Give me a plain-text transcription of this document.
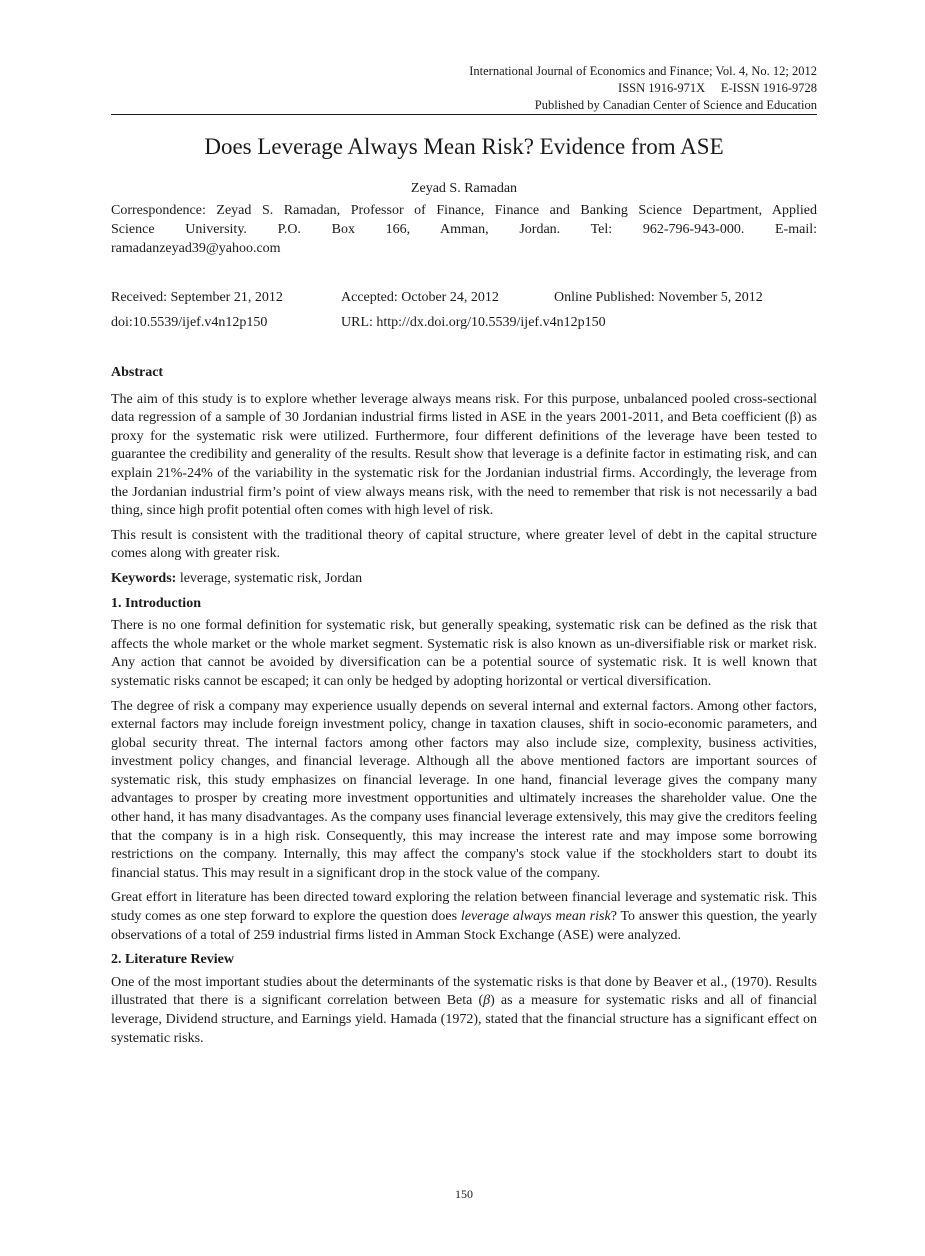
International Journal of Economics and Finance; Vol. 4, No. 12; 2012
ISSN 1916-971X     E-ISSN 1916-9728
Published by Canadian Center of Science and Education
Does Leverage Always Mean Risk? Evidence from ASE
Zeyad S. Ramadan
Correspondence: Zeyad S. Ramadan, Professor of Finance, Finance and Banking Science Department, Applied
Science University. P.O. Box 166, Amman, Jordan. Tel: 962-796-943-000. E-mail:
ramadanzeyad39@yahoo.com
Received: September 21, 2012	Accepted: October 24, 2012	Online Published: November 5, 2012
doi:10.5539/ijef.v4n12p150	URL: http://dx.doi.org/10.5539/ijef.v4n12p150
Abstract

The aim of this study is to explore whether leverage always means risk. For this purpose, unbalanced pooled cross-sectional data regression of a sample of 30 Jordanian industrial firms listed in ASE in the years 2001-2011, and Beta coefficient (β) as proxy for the systematic risk were utilized. Furthermore, four different definitions of the leverage have been tested to guarantee the credibility and generality of the results. Result show that leverage is a definite factor in estimating risk, and can explain 21%-24% of the variability in the systematic risk for the Jordanian industrial firms. Accordingly, the leverage from the Jordanian industrial firm’s point of view always means risk, with the need to remember that risk is not necessarily a bad thing, since high profit potential often comes with high level of risk.

This result is consistent with the traditional theory of capital structure, where greater level of debt in the capital structure comes along with greater risk.

Keywords: leverage, systematic risk, Jordan

1. Introduction

There is no one formal definition for systematic risk, but generally speaking, systematic risk can be defined as the risk that affects the whole market or the whole market segment. Systematic risk is also known as un-diversifiable risk or market risk. Any action that cannot be avoided by diversification can be a potential source of systematic risk. It is well known that systematic risks cannot be escaped; it can only be hedged by adopting horizontal or vertical diversification.

The degree of risk a company may experience usually depends on several internal and external factors. Among other factors, external factors may include foreign investment policy, change in taxation clauses, shift in socio-economic parameters, and global security threat. The internal factors among other factors may also include size, complexity, business activities, investment policy changes, and financial leverage. Although all the above mentioned factors are important sources of systematic risk, this study emphasizes on financial leverage. In one hand, financial leverage gives the company many advantages to prosper by creating more investment opportunities and ultimately increases the shareholder value. One the other hand, it has many disadvantages. As the company uses financial leverage extensively, this may give the creditors feeling that the company is in a high risk. Consequently, this may increase the interest rate and may impose some borrowing restrictions on the company. Internally, this may affect the company's stock value if the stockholders start to doubt its financial status. This may result in a significant drop in the stock value of the company.

Great effort in literature has been directed toward exploring the relation between financial leverage and systematic risk. This study comes as one step forward to explore the question does leverage always mean risk? To answer this question, the yearly observations of a total of 259 industrial firms listed in Amman Stock Exchange (ASE) were analyzed.

2. Literature Review

One of the most important studies about the determinants of the systematic risks is that done by Beaver et al., (1970). Results illustrated that there is a significant correlation between Beta (β) as a measure for systematic risks and all of financial leverage, Dividend structure, and Earnings yield. Hamada (1972), stated that the financial structure has a significant effect on systematic risks.

150
